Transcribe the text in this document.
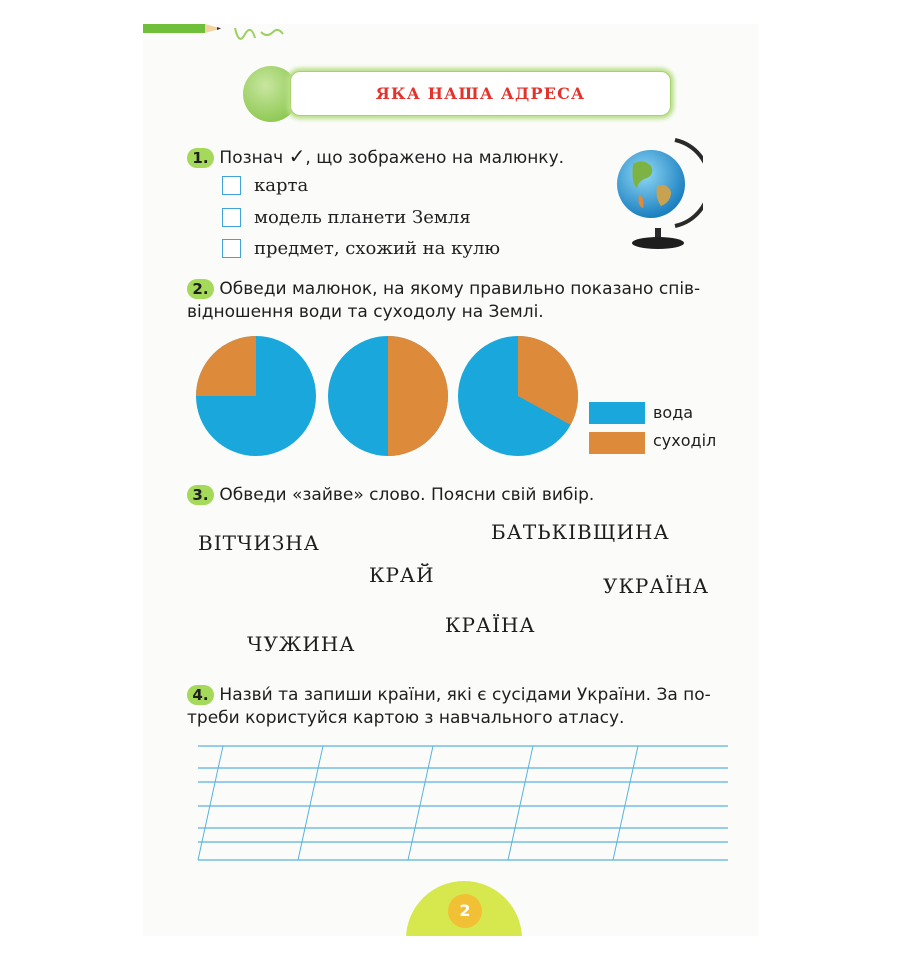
ЯКА НАША АДРЕСА
1. Познач ✓, що зображено на малюнку.
карта
модель планети Земля
предмет, схожий на кулю
2. Обведи малюнок, на якому правильно показано спів-
відношення води та суходолу на Землі.
вода
суходіл
3. Обведи «зайве» слово. Поясни свій вибір.
ВІТЧИЗНА	БАТЬКІВЩИНА
КРАЙ	УКРАЇНА
КРАЇНА
ЧУЖИНА
4. Назви́ та запиши країни, які є сусідами України. За по-
треби користуйся картою з навчального атласу.
2
